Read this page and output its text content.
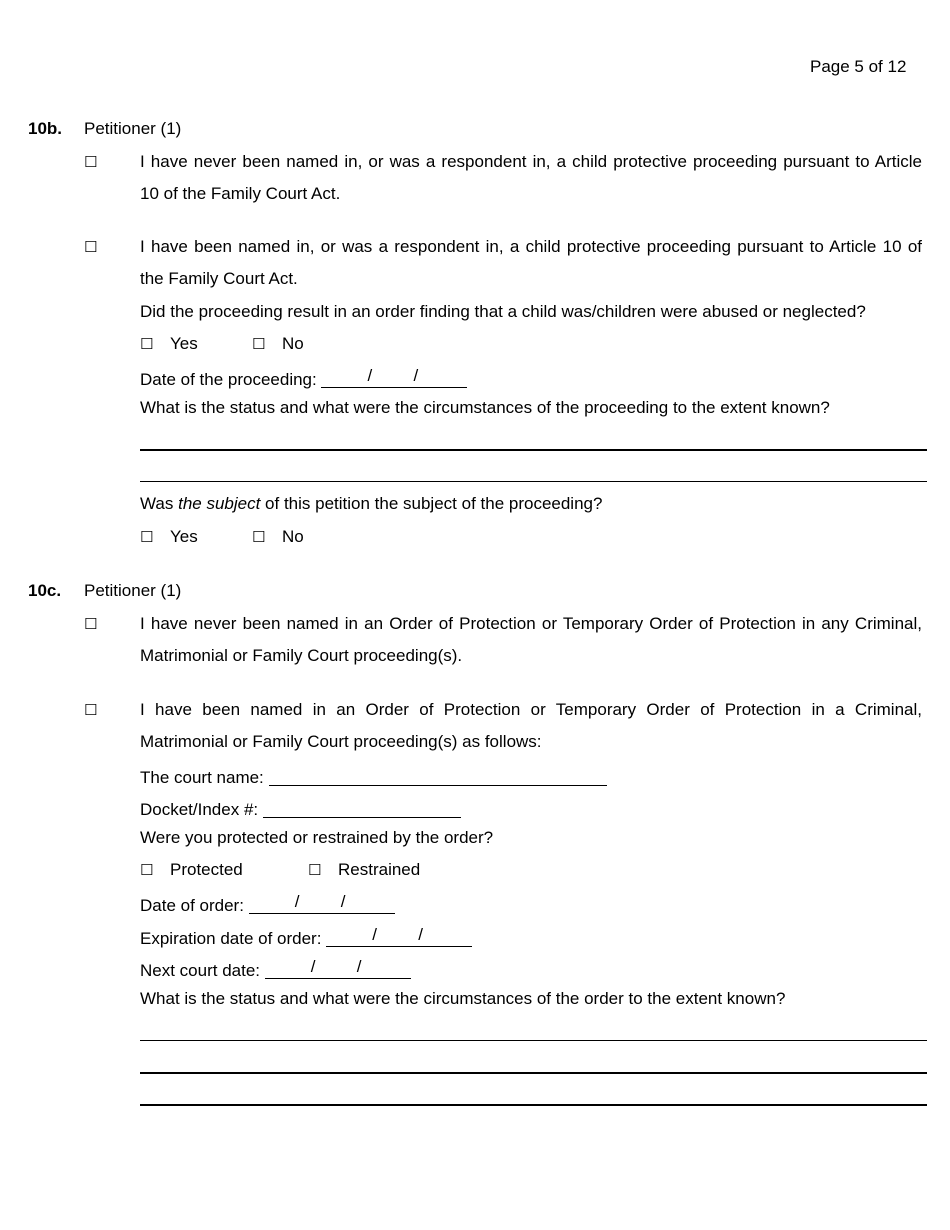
Page 5 of 12
10b. Petitioner (1)
☐	I have never been named in, or was a respondent in, a child protective proceeding pursuant to Article 10 of the Family Court Act.
☐	I have been named in, or was a respondent in, a child protective proceeding pursuant to Article 10 of the Family Court Act.
Did the proceeding result in an order finding that a child was/children were abused or neglected?
☐ Yes	☐ No
Date of the proceeding:	/ /
What is the status and what were the circumstances of the proceeding to the extent known?
Was the subject of this petition the subject of the proceeding?
☐ Yes	☐ No
10c. Petitioner (1)
☐	I have never been named in an Order of Protection or Temporary Order of Protection in any Criminal, Matrimonial or Family Court proceeding(s).
☐	I have been named in an Order of Protection or Temporary Order of Protection in a Criminal, Matrimonial or Family Court proceeding(s) as follows:
The court name:
Docket/Index #:
Were you protected or restrained by the order?
☐ Protected	☐ Restrained
Date of order:	/ /
Expiration date of order:	/ /
Next court date:	/ /
What is the status and what were the circumstances of the order to the extent known?
